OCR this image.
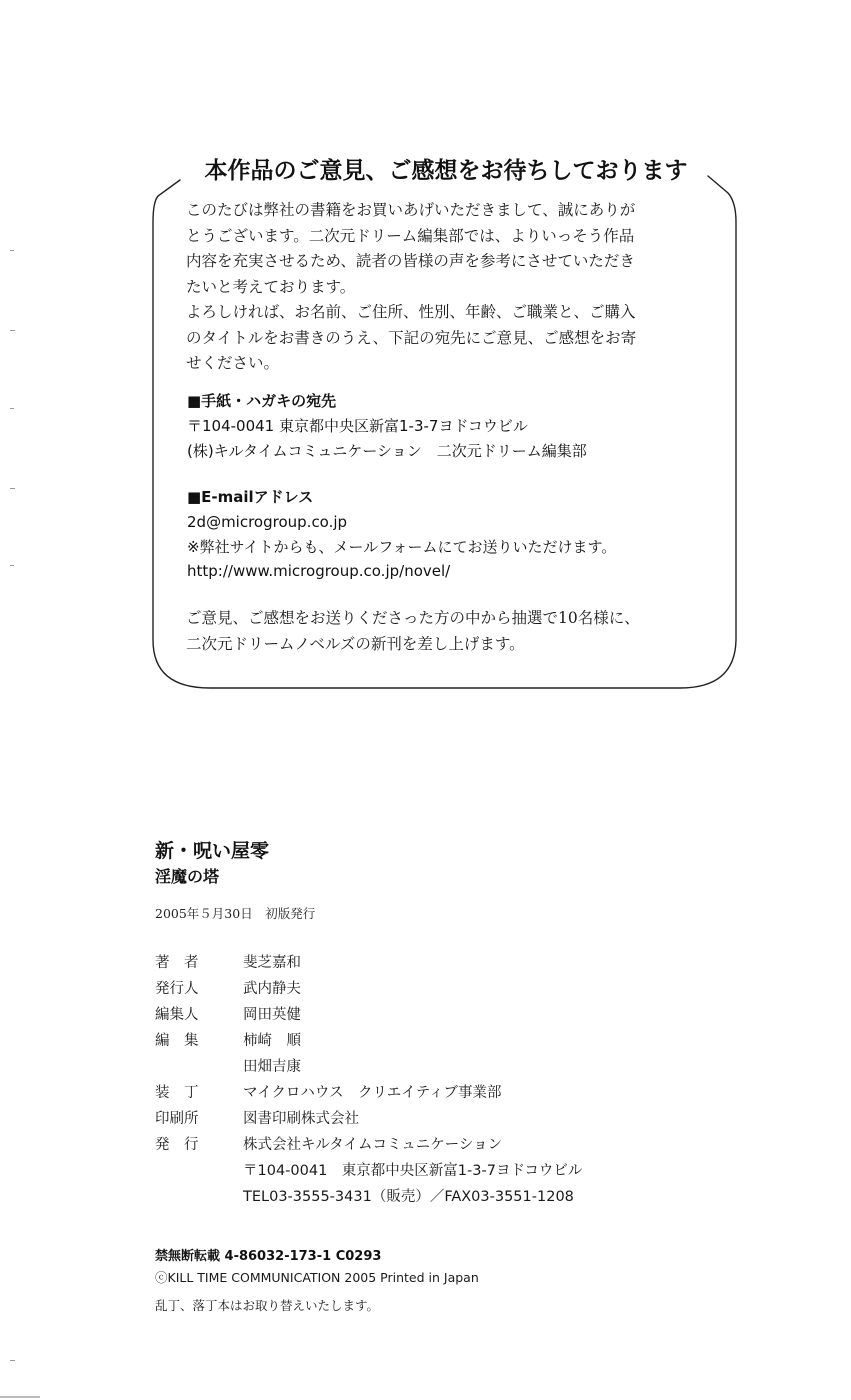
本作品のご意見、ご感想をお待ちしております
このたびは弊社の書籍をお買いあげいただきまして、誠にありが
とうございます。二次元ドリーム編集部では、よりいっそう作品
内容を充実させるため、読者の皆様の声を参考にさせていただき
たいと考えております。
よろしければ、お名前、ご住所、性別、年齢、ご職業と、ご購入
のタイトルをお書きのうえ、下記の宛先にご意見、ご感想をお寄
せください。
■手紙・ハガキの宛先
〒104-0041 東京都中央区新富1-3-7ヨドコウビル
(株)キルタイムコミュニケーション　二次元ドリーム編集部
■E-mailアドレス
2d@microgroup.co.jp
※弊社サイトからも、メールフォームにてお送りいただけます。
http://www.microgroup.co.jp/novel/
ご意見、ご感想をお送りくださった方の中から抽選で10名様に、
二次元ドリームノベルズの新刊を差し上げます。
新・呪い屋零
淫魔の塔
2005年５月30日　初版発行
著　者	斐芝嘉和
発行人	武内静夫
編集人	岡田英健
編　集	柿崎　順
田畑吉康
装　丁	マイクロハウス　クリエイティブ事業部
印刷所	図書印刷株式会社
発　行	株式会社キルタイムコミュニケーション
〒104-0041　東京都中央区新富1-3-7ヨドコウビル
TEL03-3555-3431（販売）／FAX03-3551-1208
禁無断転載 4-86032-173-1 C0293
ⓒKILL TIME COMMUNICATION 2005 Printed in Japan
乱丁、落丁本はお取り替えいたします。
